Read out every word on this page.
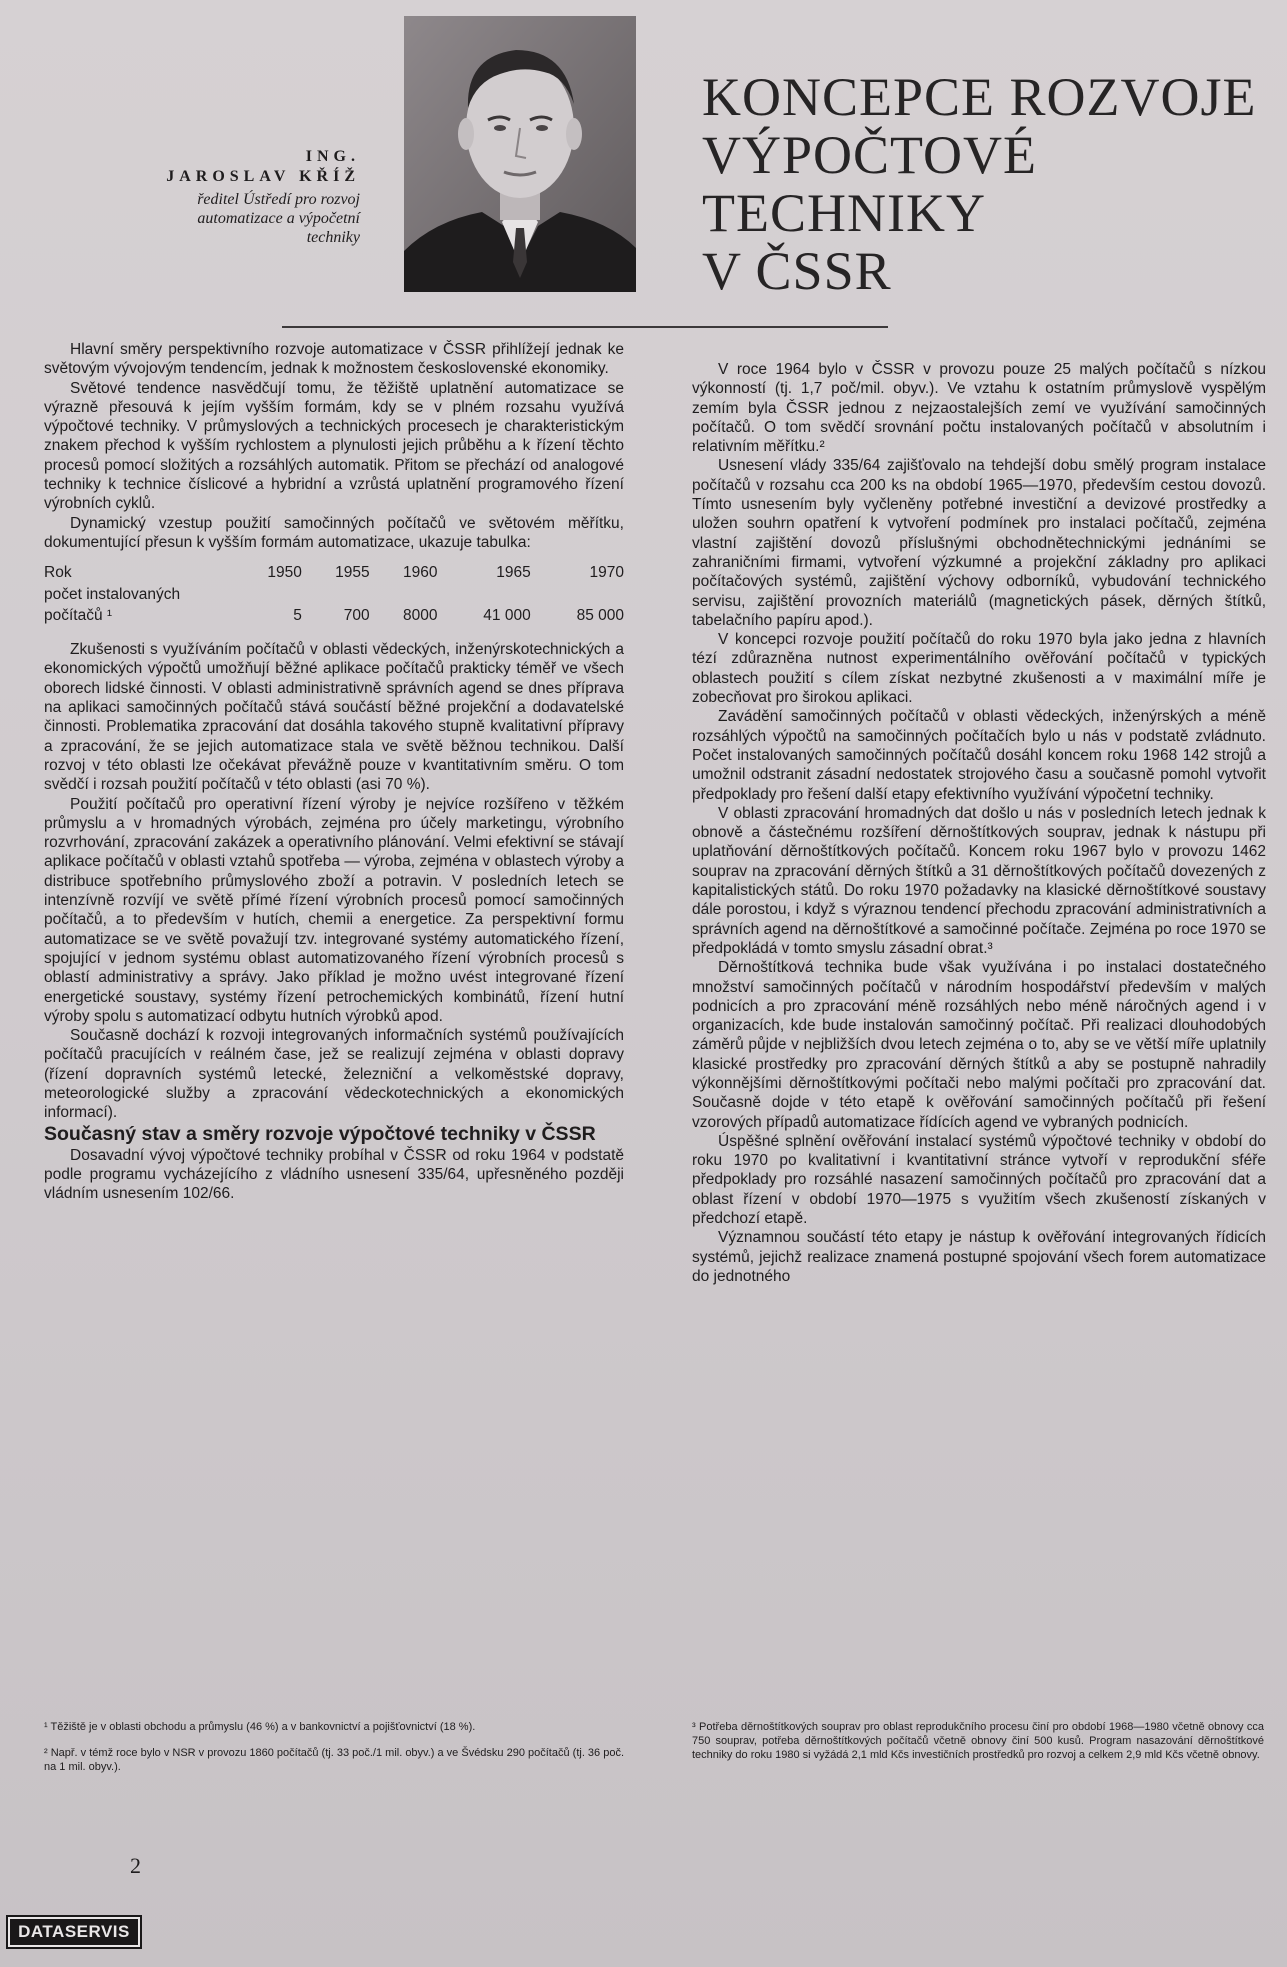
ING.
JAROSLAV KŘÍŽ
ředitel Ústředí pro rozvoj
automatizace a výpočetní
techniky
KONCEPCE ROZVOJE
VÝPOČTOVÉ
TECHNIKY
V ČSSR

Hlavní směry perspektivního rozvoje automatizace v ČSSR přihlížejí jednak ke světovým vývojovým tendencím, jednak k možnostem československé ekonomiky.

Světové tendence nasvědčují tomu, že těžiště uplatnění automatizace se výrazně přesouvá k jejím vyšším formám, kdy se v plném rozsahu využívá výpočtové techniky. V průmyslových a technických procesech je charakteristickým znakem přechod k vyšším rychlostem a plynulosti jejich průběhu a k řízení těchto procesů pomocí složitých a rozsáhlých automatik. Přitom se přechází od analogové techniky k technice číslicové a hybridní a vzrůstá uplatnění programového řízení výrobních cyklů.

Dynamický vzestup použití samočinných počítačů ve světovém měřítku, dokumentující přesun k vyšším formám automatizace, ukazuje tabulka:

Rok	1950	1955	1960	1965	1970
počet instalovaných					
počítačů ¹	5	700	8000	41 000	85 000

Zkušenosti s využíváním počítačů v oblasti vědeckých, inženýrskotechnických a ekonomických výpočtů umožňují běžné aplikace počítačů prakticky téměř ve všech oborech lidské činnosti. V oblasti administrativně správních agend se dnes příprava na aplikaci samočinných počítačů stává součástí běžné projekční a dodavatelské činnosti. Problematika zpracování dat dosáhla takového stupně kvalitativní přípravy a zpracování, že se jejich automatizace stala ve světě běžnou technikou. Další rozvoj v této oblasti lze očekávat převážně pouze v kvantitativním směru. O tom svědčí i rozsah použití počítačů v této oblasti (asi 70 %).

Použití počítačů pro operativní řízení výroby je nejvíce rozšířeno v těžkém průmyslu a v hromadných výrobách, zejména pro účely marketingu, výrobního rozvrhování, zpracování zakázek a operativního plánování. Velmi efektivní se stávají aplikace počítačů v oblasti vztahů spotřeba — výroba, zejména v oblastech výroby a distribuce spotřebního průmyslového zboží a potravin. V posledních letech se intenzívně rozvíjí ve světě přímé řízení výrobních procesů pomocí samočinných počítačů, a to především v hutích, chemii a energetice. Za perspektivní formu automatizace se ve světě považují tzv. integrované systémy automatického řízení, spojující v jednom systému oblast automatizovaného řízení výrobních procesů s oblastí administrativy a správy. Jako příklad je možno uvést integrované řízení energetické soustavy, systémy řízení petrochemických kombinátů, řízení hutní výroby spolu s automatizací odbytu hutních výrobků apod.

Současně dochází k rozvoji integrovaných informačních systémů používajících počítačů pracujících v reálném čase, jež se realizují zejména v oblasti dopravy (řízení dopravních systémů letecké, železniční a velkoměstské dopravy, meteorologické služby a zpracování vědeckotechnických a ekonomických informací).

Současný stav a směry rozvoje výpočtové techniky v ČSSR

Dosavadní vývoj výpočtové techniky probíhal v ČSSR od roku 1964 v podstatě podle programu vycházejícího z vládního usnesení 335/64, upřesněného později vládním usnesením 102/66.

V roce 1964 bylo v ČSSR v provozu pouze 25 malých počítačů s nízkou výkonností (tj. 1,7 poč/mil. obyv.). Ve vztahu k ostatním průmyslově vyspělým zemím byla ČSSR jednou z nejzaostalejších zemí ve využívání samočinných počítačů. O tom svědčí srovnání počtu instalovaných počítačů v absolutním i relativním měřítku.²

Usnesení vlády 335/64 zajišťovalo na tehdejší dobu smělý program instalace počítačů v rozsahu cca 200 ks na období 1965—1970, především cestou dovozů. Tímto usnesením byly vyčleněny potřebné investiční a devizové prostředky a uložen souhrn opatření k vytvoření podmínek pro instalaci počítačů, zejména vlastní zajištění dovozů příslušnými obchodnětechnickými jednáními se zahraničními firmami, vytvoření výzkumné a projekční základny pro aplikaci počítačových systémů, zajištění výchovy odborníků, vybudování technického servisu, zajištění provozních materiálů (magnetických pásek, děrných štítků, tabelačního papíru apod.).

V koncepci rozvoje použití počítačů do roku 1970 byla jako jedna z hlavních tézí zdůrazněna nutnost experimentálního ověřování počítačů v typických oblastech použití s cílem získat nezbytné zkušenosti a v maximální míře je zobecňovat pro širokou aplikaci.

Zavádění samočinných počítačů v oblasti vědeckých, inženýrských a méně rozsáhlých výpočtů na samočinných počítačích bylo u nás v podstatě zvládnuto. Počet instalovaných samočinných počítačů dosáhl koncem roku 1968 142 strojů a umožnil odstranit zásadní nedostatek strojového času a současně pomohl vytvořit předpoklady pro řešení další etapy efektivního využívání výpočetní techniky.

V oblasti zpracování hromadných dat došlo u nás v posledních letech jednak k obnově a částečnému rozšíření děrnoštítkových souprav, jednak k nástupu při uplatňování děrnoštítkových počítačů. Koncem roku 1967 bylo v provozu 1462 souprav na zpracování děrných štítků a 31 děrnoštítkových počítačů dovezených z kapitalistických států. Do roku 1970 požadavky na klasické děrnoštítkové soustavy dále porostou, i když s výraznou tendencí přechodu zpracování administrativních a správních agend na děrnoštítkové a samočinné počítače. Zejména po roce 1970 se předpokládá v tomto smyslu zásadní obrat.³

Děrnoštítková technika bude však využívána i po instalaci dostatečného množství samočinných počítačů v národním hospodářství především v malých podnicích a pro zpracování méně rozsáhlých nebo méně náročných agend i v organizacích, kde bude instalován samočinný počítač. Při realizaci dlouhodobých záměrů půjde v nejbližších dvou letech zejména o to, aby se ve větší míře uplatnily klasické prostředky pro zpracování děrných štítků a aby se postupně nahradily výkonnějšími děrnoštítkovými počítači nebo malými počítači pro zpracování dat. Současně dojde v této etapě k ověřování samočinných počítačů při řešení vzorových případů automatizace řídících agend ve vybraných podnicích.

Úspěšné splnění ověřování instalací systémů výpočtové techniky v období do roku 1970 po kvalitativní i kvantitativní stránce vytvoří v reprodukční sféře předpoklady pro rozsáhlé nasazení samočinných počítačů pro zpracování dat a oblast řízení v období 1970—1975 s využitím všech zkušeností získaných v předchozí etapě.

Významnou součástí této etapy je nástup k ověřování integrovaných řídicích systémů, jejichž realizace znamená postupné spojování všech forem automatizace do jednotného

¹ Těžiště je v oblasti obchodu a průmyslu (46 %) a v bankovnictví a pojišťovnictví (18 %).

² Např. v témž roce bylo v NSR v provozu 1860 počítačů (tj. 33 poč./1 mil. obyv.) a ve Švédsku 290 počítačů (tj. 36 poč. na 1 mil. obyv.).

³ Potřeba děrnoštítkových souprav pro oblast reprodukčního procesu činí pro období 1968—1980 včetně obnovy cca 750 souprav, potřeba děrnoštítkových počítačů včetně obnovy činí 500 kusů. Program nasazování děrnoštítkové techniky do roku 1980 si vyžádá 2,1 mld Kčs investičních prostředků pro rozvoj a celkem 2,9 mld Kčs včetně obnovy.

2
DATASERVIS
